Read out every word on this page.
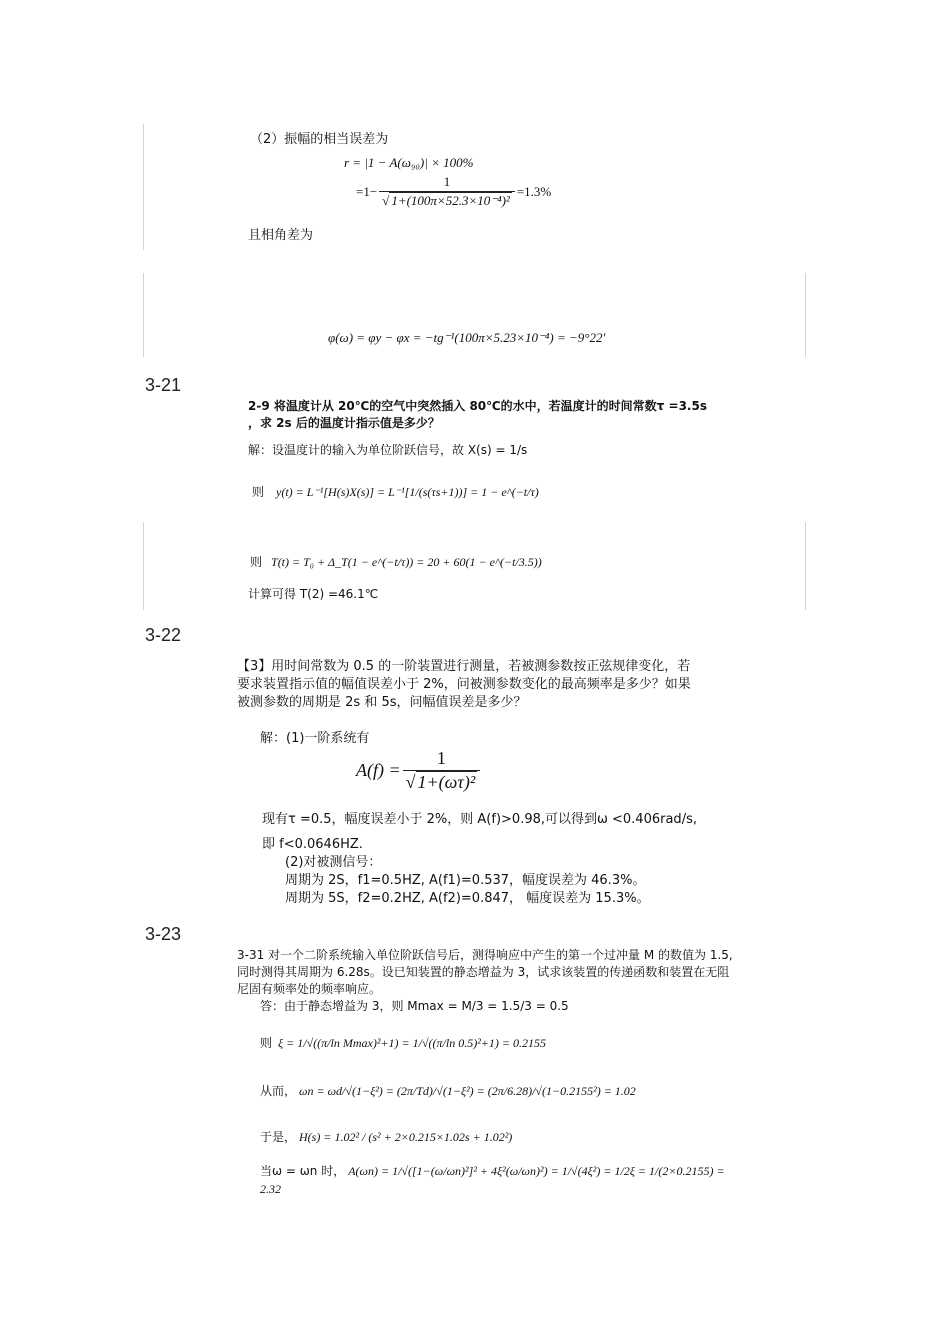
（2）振幅的相当误差为
r = |1 − A(ω₉₀)| × 100%
$=1- \frac{1}{\text{√ 1+(100π×52.3×10⁻⁴)²}} =1.3\%$
且相角差为
φ(ω) = φy − φx = −tg⁻¹(100π×5.23×10⁻⁴) = −9°22′
3-21
2-9 将温度计从 20℃的空气中突然插入 80℃的水中，若温度计的时间常数τ =3.5s ，求 2s 后的温度计指示值是多少？
解：设温度计的输入为单位阶跃信号，故 X(s) = 1/s
则 y(t) = L⁻¹[H(s)X(s)] = L⁻¹[1/(s(τs+1))] = 1 − e^(−t/τ)
则 T(t) = T₀ + Δ_T(1 − e^(−t/τ)) = 20 + 60(1 − e^(−t/3.5))
计算可得 T(2) =46.1℃
3-22
【3】用时间常数为 0.5 的一阶装置进行测量，若被测参数按正弦规律变化，若
要求装置指示值的幅值误差小于 2%，问被测参数变化的最高频率是多少？如果
被测参数的周期是 2s 和 5s，问幅值误差是多少？
解：(1)一阶系统有
$A(f) = \frac{1}{\text{√ 1+(ωτ)²}}$
现有τ =0.5，幅度误差小于 2%，则 A(f)>0.98,可以得到ω <0.406rad/s,
即 f<0.0646HZ.
(2)对被测信号：
周期为 2S，f1=0.5HZ, A(f1)=0.537，幅度误差为 46.3%。
周期为 5S，f2=0.2HZ, A(f2)=0.847， 幅度误差为 15.3%。
3-23
3-31 对一个二阶系统输入单位阶跃信号后，测得响应中产生的第一个过冲量 M 的数值为 1.5,
同时测得其周期为 6.28s。设已知装置的静态增益为 3，试求该装置的传递函数和装置在无阻
尼固有频率处的频率响应。
答：由于静态增益为 3，则 Mmax = M/3 = 1.5/3 = 0.5
则 ξ = 1/√((π/ln Mmax)²+1) = 1/√((π/ln 0.5)²+1) = 0.2155
从而， ωn = ωd/√(1−ξ²) = (2π/Td)/√(1−ξ²) = (2π/6.28)/√(1−0.2155²) = 1.02
于是， H(s) = 1.02² / (s² + 2×0.215×1.02s + 1.02²)
当ω = ωn 时， A(ωn) = 1/√([1−(ω/ωn)²]² + 4ξ²(ω/ωn)²) = 1/√(4ξ²) = 1/2ξ = 1/(2×0.2155) = 2.32
